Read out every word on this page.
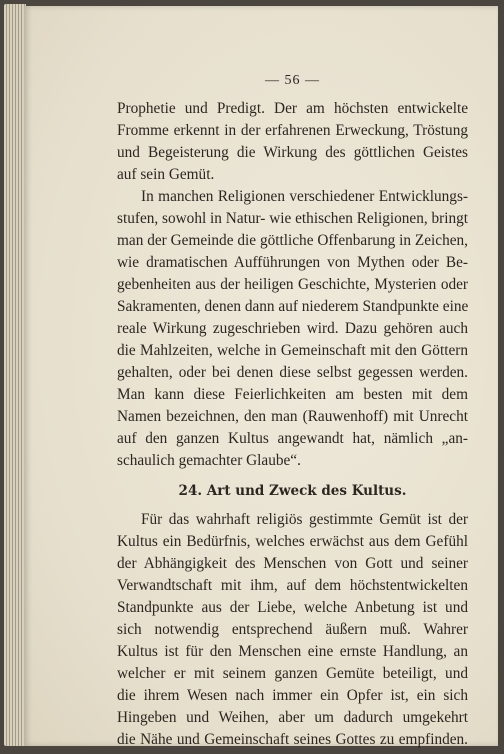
— 56 —
Prophetie und Predigt. Der am höchsten entwickelte
Fromme erkennt in der erfahrenen Erweckung, Tröstung
und Begeisterung die Wirkung des göttlichen Geistes
auf sein Gemüt.
In manchen Religionen verschiedener Entwicklungs-
stufen, sowohl in Natur- wie ethischen Religionen, bringt
man der Gemeinde die göttliche Offenbarung in Zeichen,
wie dramatischen Aufführungen von Mythen oder Be-
gebenheiten aus der heiligen Geschichte, Mysterien oder
Sakramenten, denen dann auf niederem Standpunkte eine
reale Wirkung zugeschrieben wird. Dazu gehören auch
die Mahlzeiten, welche in Gemeinschaft mit den Göttern
gehalten, oder bei denen diese selbst gegessen werden.
Man kann diese Feierlichkeiten am besten mit dem
Namen bezeichnen, den man (Rauwenhoff) mit Unrecht
auf den ganzen Kultus angewandt hat, nämlich „an-
schaulich gemachter Glaube“.
24. Art und Zweck des Kultus.
Für das wahrhaft religiös gestimmte Gemüt ist der
Kultus ein Bedürfnis, welches erwächst aus dem Gefühl
der Abhängigkeit des Menschen von Gott und seiner
Verwandtschaft mit ihm, auf dem höchstentwickelten
Standpunkte aus der Liebe, welche Anbetung ist und
sich notwendig entsprechend äußern muß. Wahrer
Kultus ist für den Menschen eine ernste Handlung, an
welcher er mit seinem ganzen Gemüte beteiligt, und
die ihrem Wesen nach immer ein Opfer ist, ein sich
Hingeben und Weihen, aber um dadurch umgekehrt
die Nähe und Gemeinschaft seines Gottes zu empfinden.
